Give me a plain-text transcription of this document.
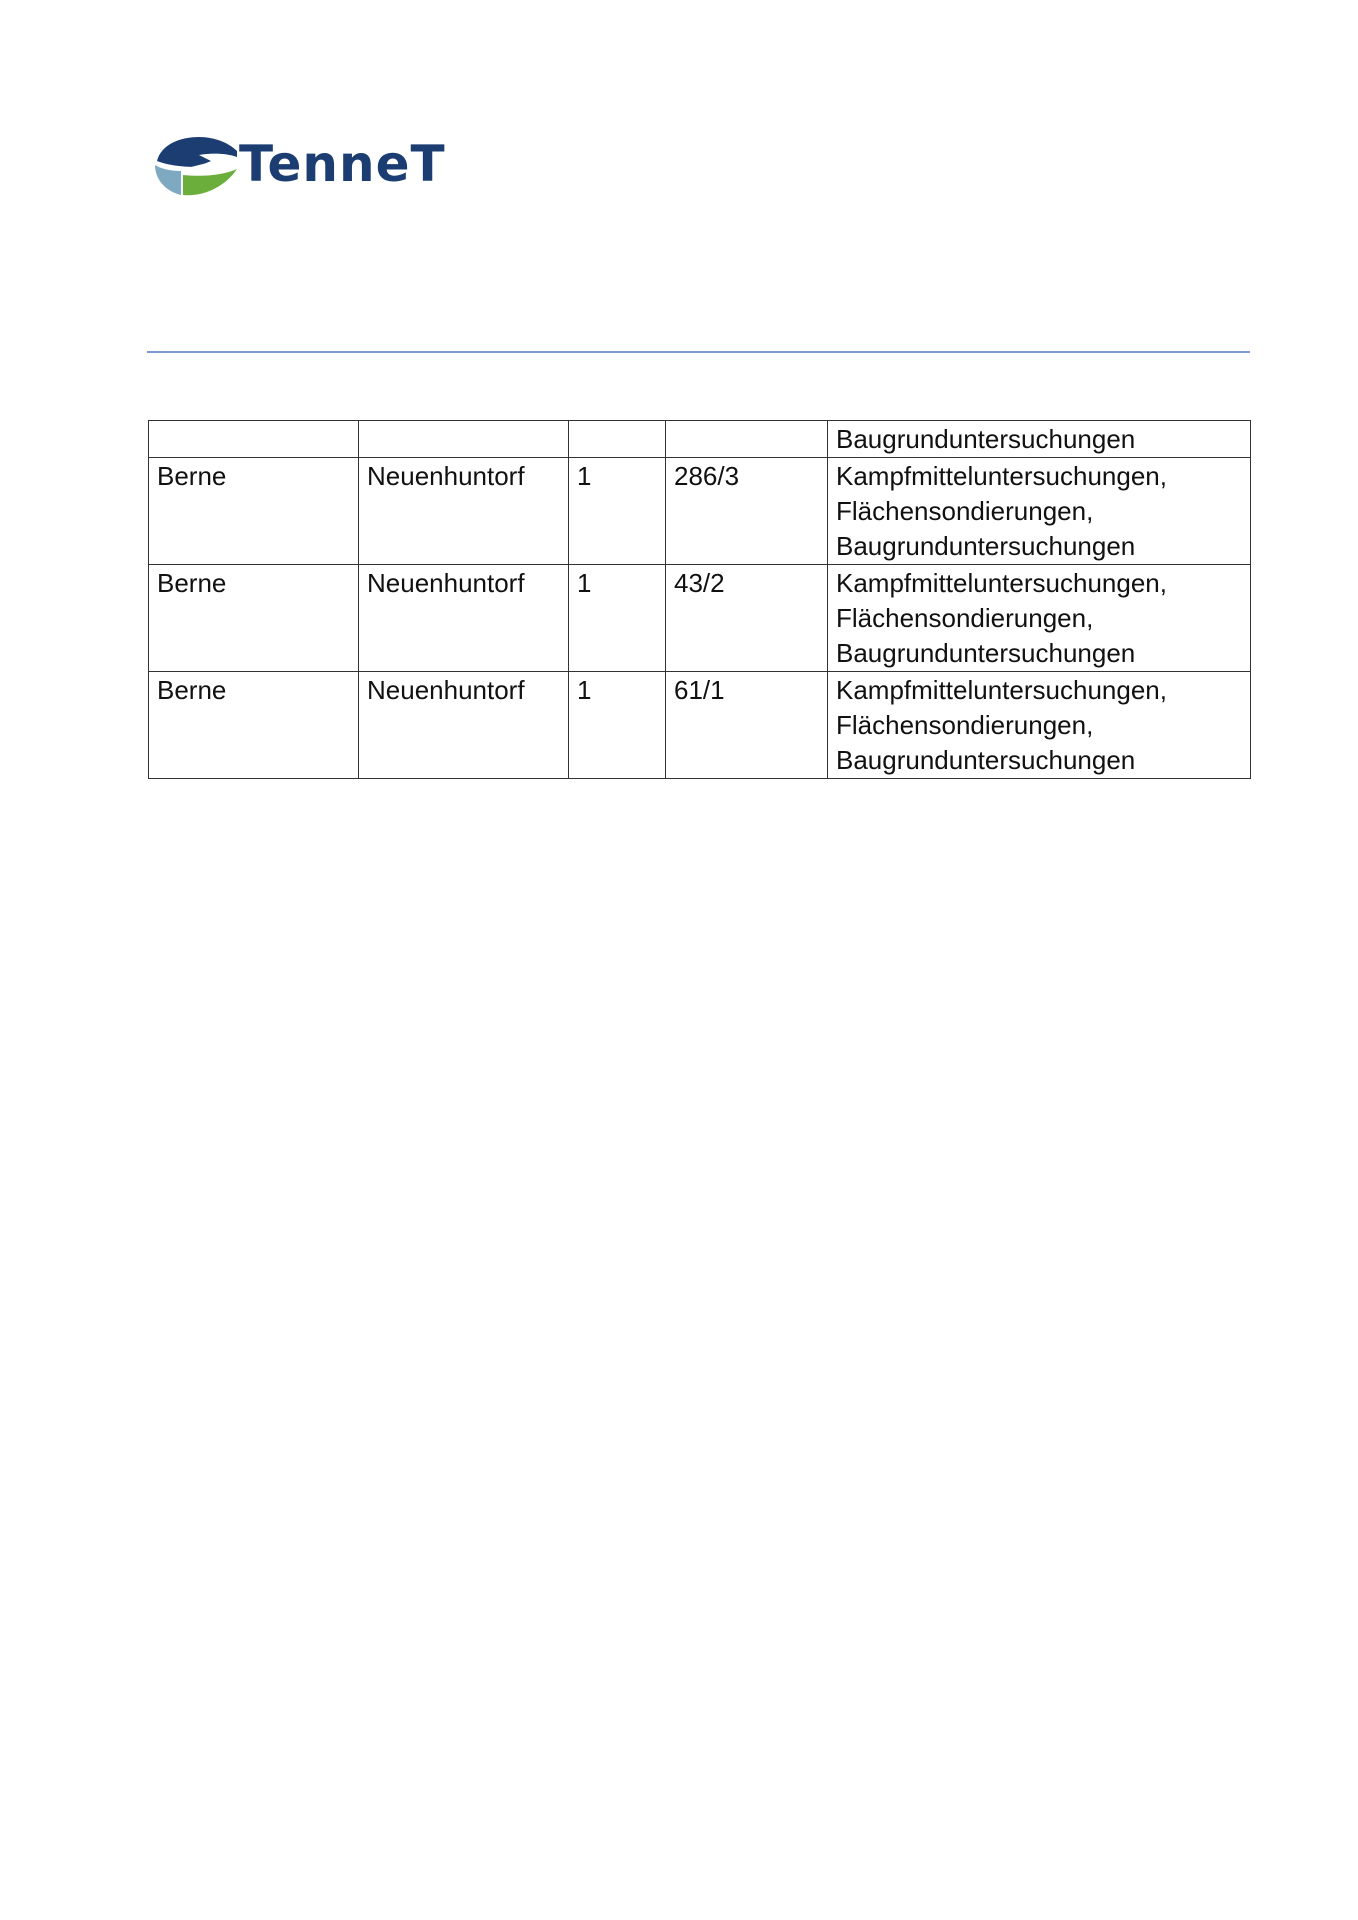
TenneT
				Baugrunduntersuchungen
Berne	Neuenhuntorf	1	286/3	Kampfmitteluntersuchungen,
Flächensondierungen,
Baugrunduntersuchungen
Berne	Neuenhuntorf	1	43/2	Kampfmitteluntersuchungen,
Flächensondierungen,
Baugrunduntersuchungen
Berne	Neuenhuntorf	1	61/1	Kampfmitteluntersuchungen,
Flächensondierungen,
Baugrunduntersuchungen
